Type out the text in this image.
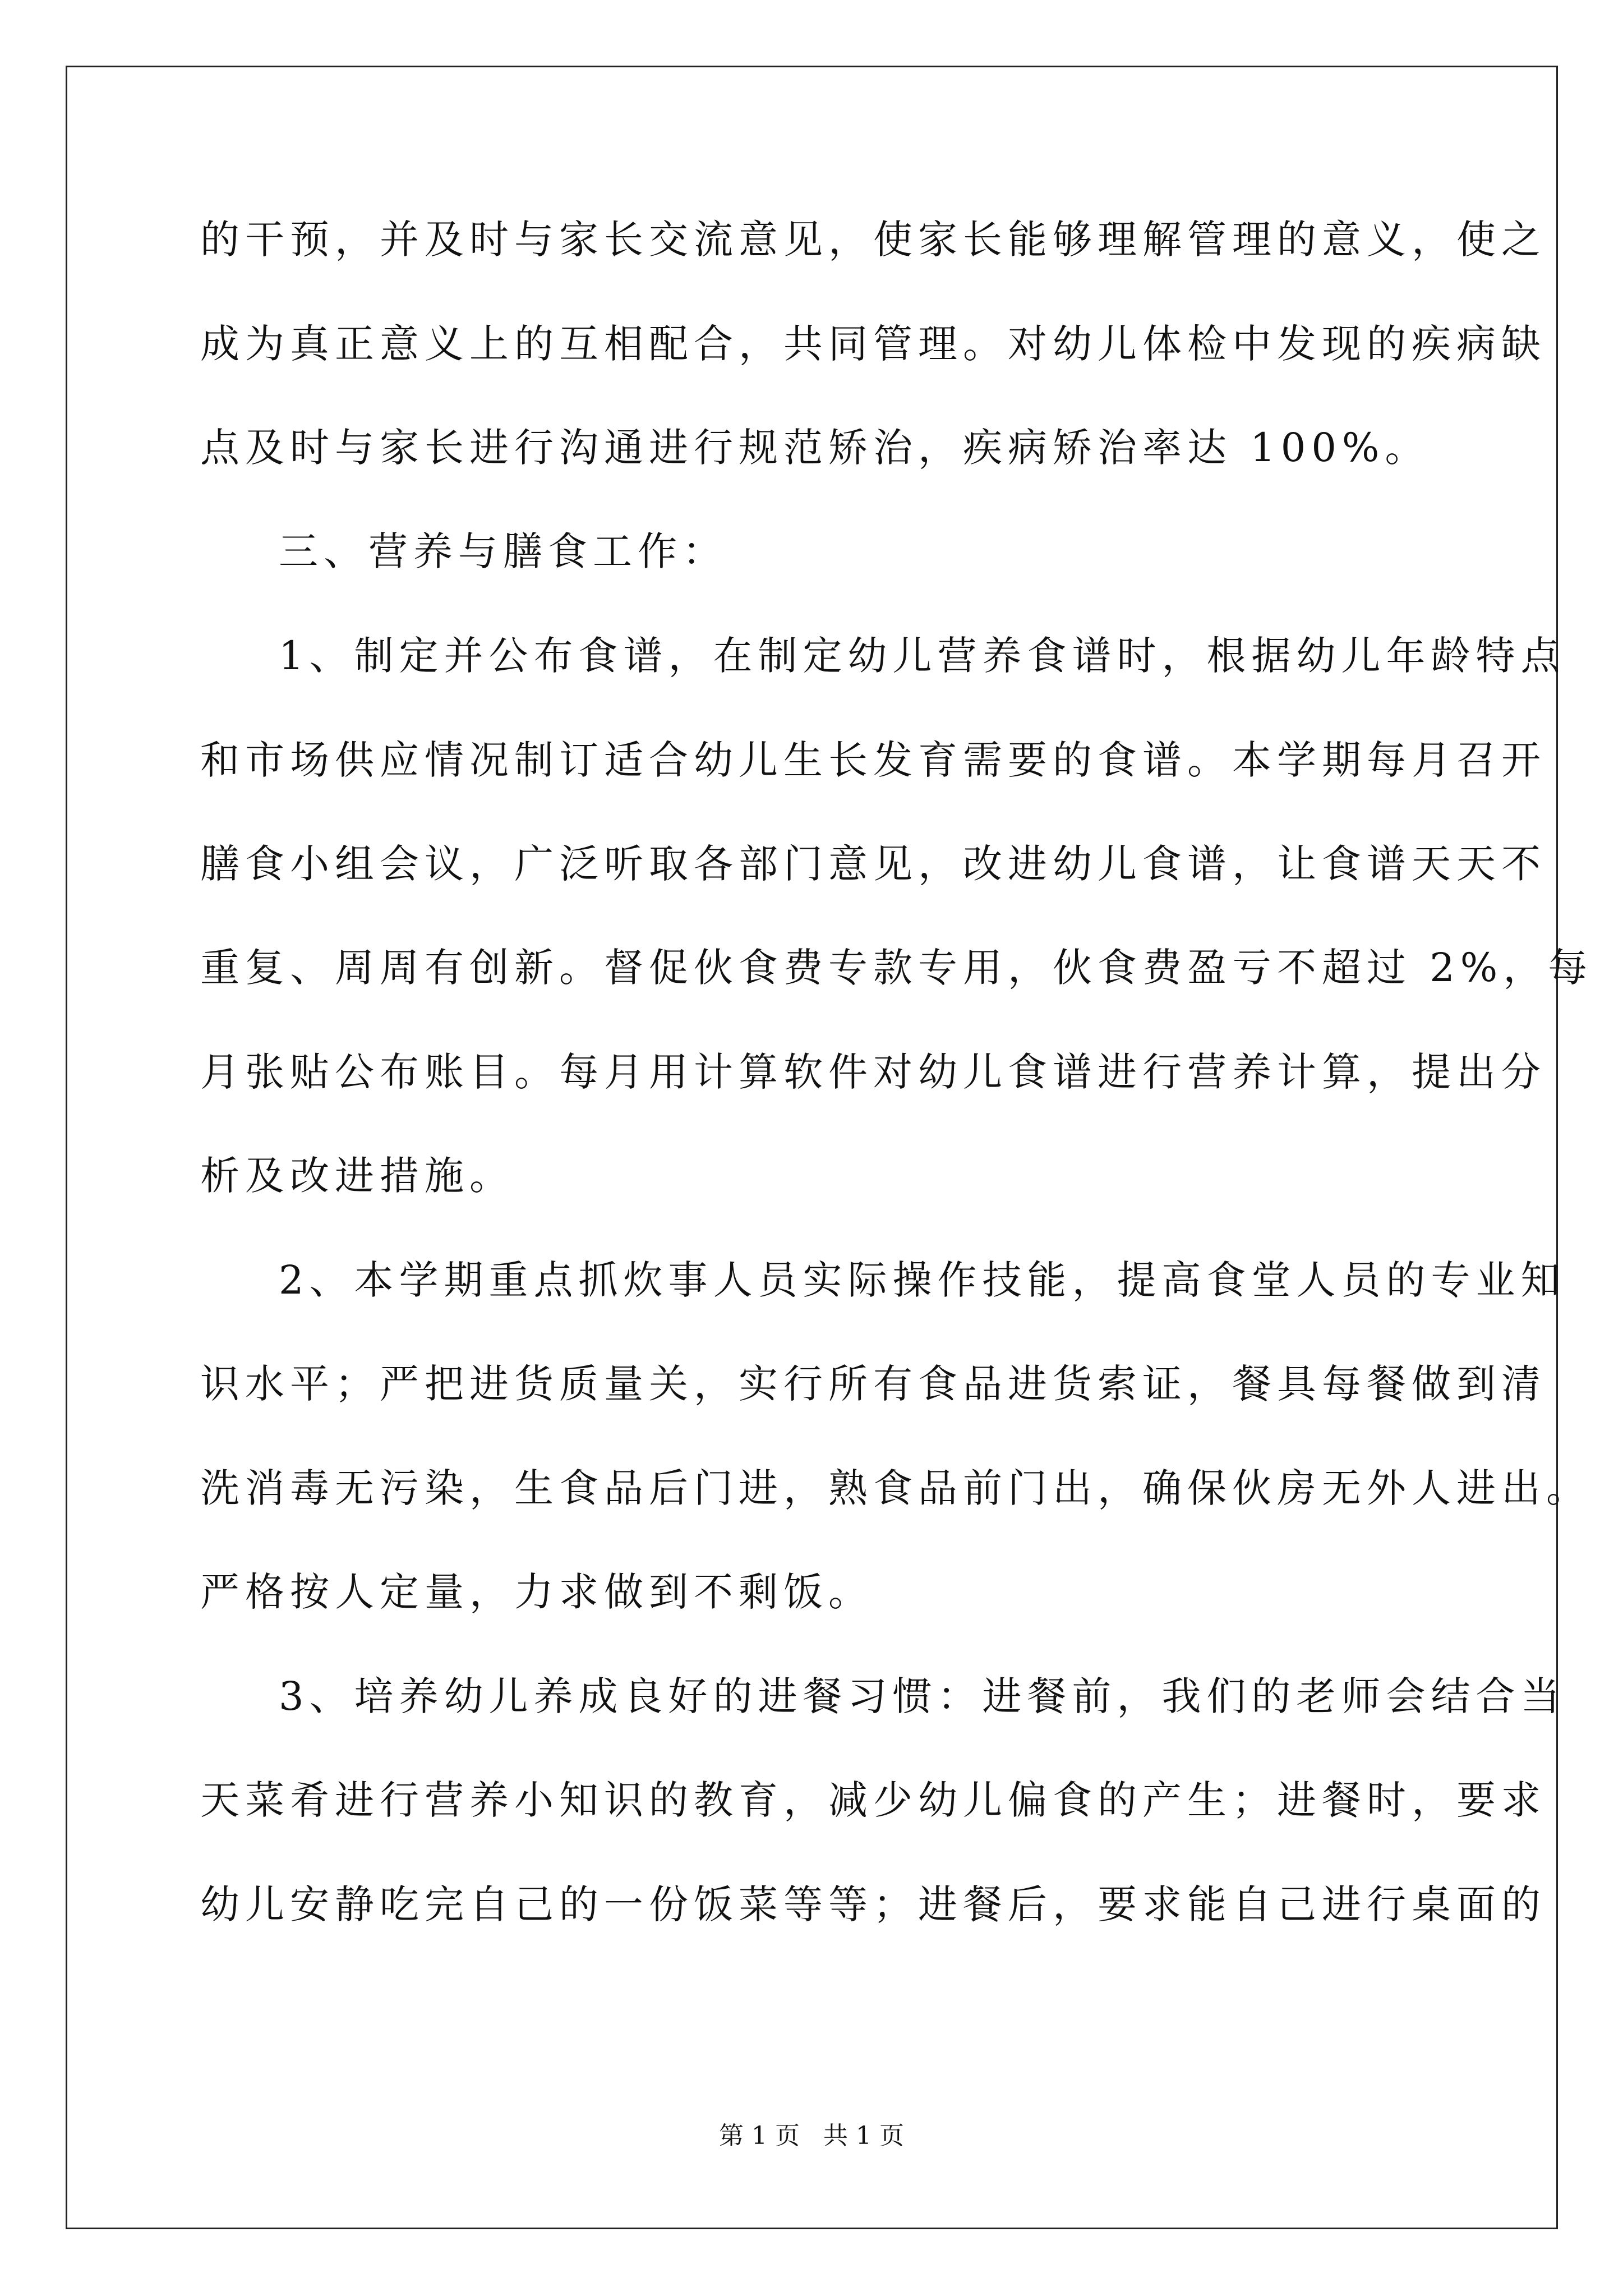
的干预，并及时与家长交流意见，使家长能够理解管理的意义，使之
成为真正意义上的互相配合，共同管理。对幼儿体检中发现的疾病缺
点及时与家长进行沟通进行规范矫治，疾病矫治率达 100%。
三、营养与膳食工作：
1、制定并公布食谱，在制定幼儿营养食谱时，根据幼儿年龄特点
和市场供应情况制订适合幼儿生长发育需要的食谱。本学期每月召开
膳食小组会议，广泛听取各部门意见，改进幼儿食谱，让食谱天天不
重复、周周有创新。督促伙食费专款专用，伙食费盈亏不超过 2%，每
月张贴公布账目。每月用计算软件对幼儿食谱进行营养计算，提出分
析及改进措施。
2、本学期重点抓炊事人员实际操作技能，提高食堂人员的专业知
识水平；严把进货质量关，实行所有食品进货索证，餐具每餐做到清
洗消毒无污染，生食品后门进，熟食品前门出，确保伙房无外人进出。
严格按人定量，力求做到不剩饭。
3、培养幼儿养成良好的进餐习惯：进餐前，我们的老师会结合当
天菜肴进行营养小知识的教育，减少幼儿偏食的产生；进餐时，要求
幼儿安静吃完自己的一份饭菜等等；进餐后，要求能自己进行桌面的
第 1 页   共 1 页
